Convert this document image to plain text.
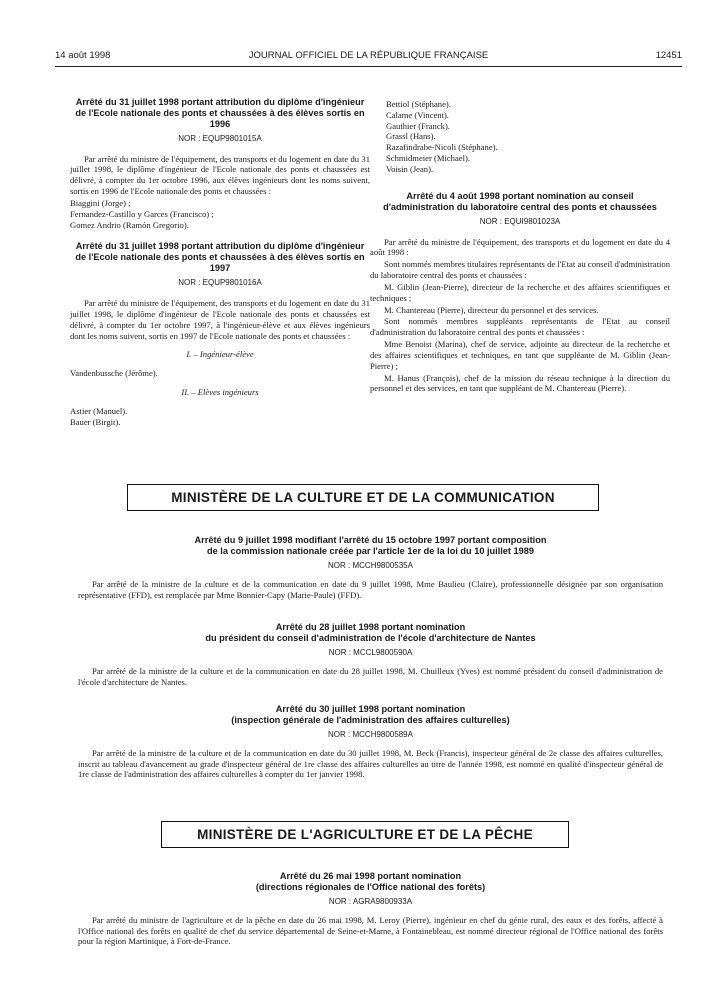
14 août 1998	JOURNAL OFFICIEL DE LA RÉPUBLIQUE FRANÇAISE	12451

Arrêté du 31 juillet 1998 portant attribution du diplôme d'ingénieur de l'Ecole nationale des ponts et chaussées à des élèves sortis en 1996

NOR : EQUP9801015A

Par arrêté du ministre de l'équipement, des transports et du logement en date du 31 juillet 1998, le diplôme d'ingénieur de l'Ecole nationale des ponts et chaussées est délivré, à compter du 1er octobre 1996, aux élèves ingénieurs dont les noms suivent, sortis en 1996 de l'Ecole nationale des ponts et chaussées :

Biaggini (Jorge) ;

Fernandez-Castillo y Garces (Francisco) ;

Gomez Andrio (Ramón Gregorio).

Arrêté du 31 juillet 1998 portant attribution du diplôme d'ingénieur de l'Ecole nationale des ponts et chaussées à des élèves sortis en 1997

NOR : EQUP9801016A

Par arrêté du ministre de l'équipement, des transports et du logement en date du 31 juillet 1998, le diplôme d'ingénieur de l'Ecole nationale des ponts et chaussées est délivré, à compter du 1er octobre 1997, à l'ingénieur-élève et aux élèves ingénieurs dont les noms suivent, sortis en 1997 de l'Ecole nationale des ponts et chaussées :

I. – Ingénieur-élève

Vandenbussche (Jérôme).

II. – Elèves ingénieurs

Astier (Manuel).

Bauer (Birgit).

Bettiol (Stéphane).

Calame (Vincent).

Gauthier (Franck).

Grassl (Hans).

Razafindrabe-Nicoli (Stéphane).

Schmidmeier (Michael).

Voisin (Jean).

Arrêté du 4 août 1998 portant nomination au conseil d'administration du laboratoire central des ponts et chaussées

NOR : EQUI9801023A

Par arrêté du ministre de l'équipement, des transports et du logement en date du 4 août 1998 :

Sont nommés membres titulaires représentants de l'Etat au conseil d'administration du laboratoire central des ponts et chaussées :

M. Giblin (Jean-Pierre), directeur de la recherche et des affaires scientifiques et techniques ;

M. Chantereau (Pierre), directeur du personnel et des services.

Sont nommés membres suppléants représentants de l'Etat au conseil d'administration du laboratoire central des ponts et chaussées :

Mme Benoist (Marina), chef de service, adjointe au directeur de la recherche et des affaires scientifiques et techniques, en tant que suppléante de M. Giblin (Jean-Pierre) ;

M. Hanus (François), chef de la mission du réseau technique à la direction du personnel et des services, en tant que suppléant de M. Chantereau (Pierre).

MINISTÈRE DE LA CULTURE ET DE LA COMMUNICATION

Arrêté du 9 juillet 1998 modifiant l'arrêté du 15 octobre 1997 portant composition

de la commission nationale créée par l'article 1er de la loi du 10 juillet 1989

NOR : MCCH9800535A

Par arrêté de la ministre de la culture et de la communication en date du 9 juillet 1998, Mme Baulieu (Claire), professionnelle désignée par son organisation représentative (FFD), est remplacée par Mme Bonnier-Capy (Marie-Paule) (FFD).

Arrêté du 28 juillet 1998 portant nomination

du président du conseil d'administration de l'école d'architecture de Nantes

NOR : MCCL9800590A

Par arrêté de la ministre de la culture et de la communication en date du 28 juillet 1998, M. Chuilleux (Yves) est nommé président du conseil d'administration de l'école d'architecture de Nantes.

Arrêté du 30 juillet 1998 portant nomination

(inspection générale de l'administration des affaires culturelles)

NOR : MCCH9800589A

Par arrêté de la ministre de la culture et de la communication en date du 30 juillet 1998, M. Beck (Francis), inspecteur général de 2e classe des affaires culturelles, inscrit au tableau d'avancement au grade d'inspecteur général de 1re classe des affaires culturelles au titre de l'année 1998, est nommé en qualité d'inspecteur général de 1re classe de l'administration des affaires culturelles à compter du 1er janvier 1998.

MINISTÈRE DE L'AGRICULTURE ET DE LA PÊCHE

Arrêté du 26 mai 1998 portant nomination

(directions régionales de l'Office national des forêts)

NOR : AGRA9800933A

Par arrêté du ministre de l'agriculture et de la pêche en date du 26 mai 1998, M. Leroy (Pierre), ingénieur en chef du génie rural, des eaux et des forêts, affecté à l'Office national des forêts en qualité de chef du service départemental de Seine-et-Marne, à Fontainebleau, est nommé directeur régional de l'Office national des forêts pour la région Martinique, à Fort-de-France.
